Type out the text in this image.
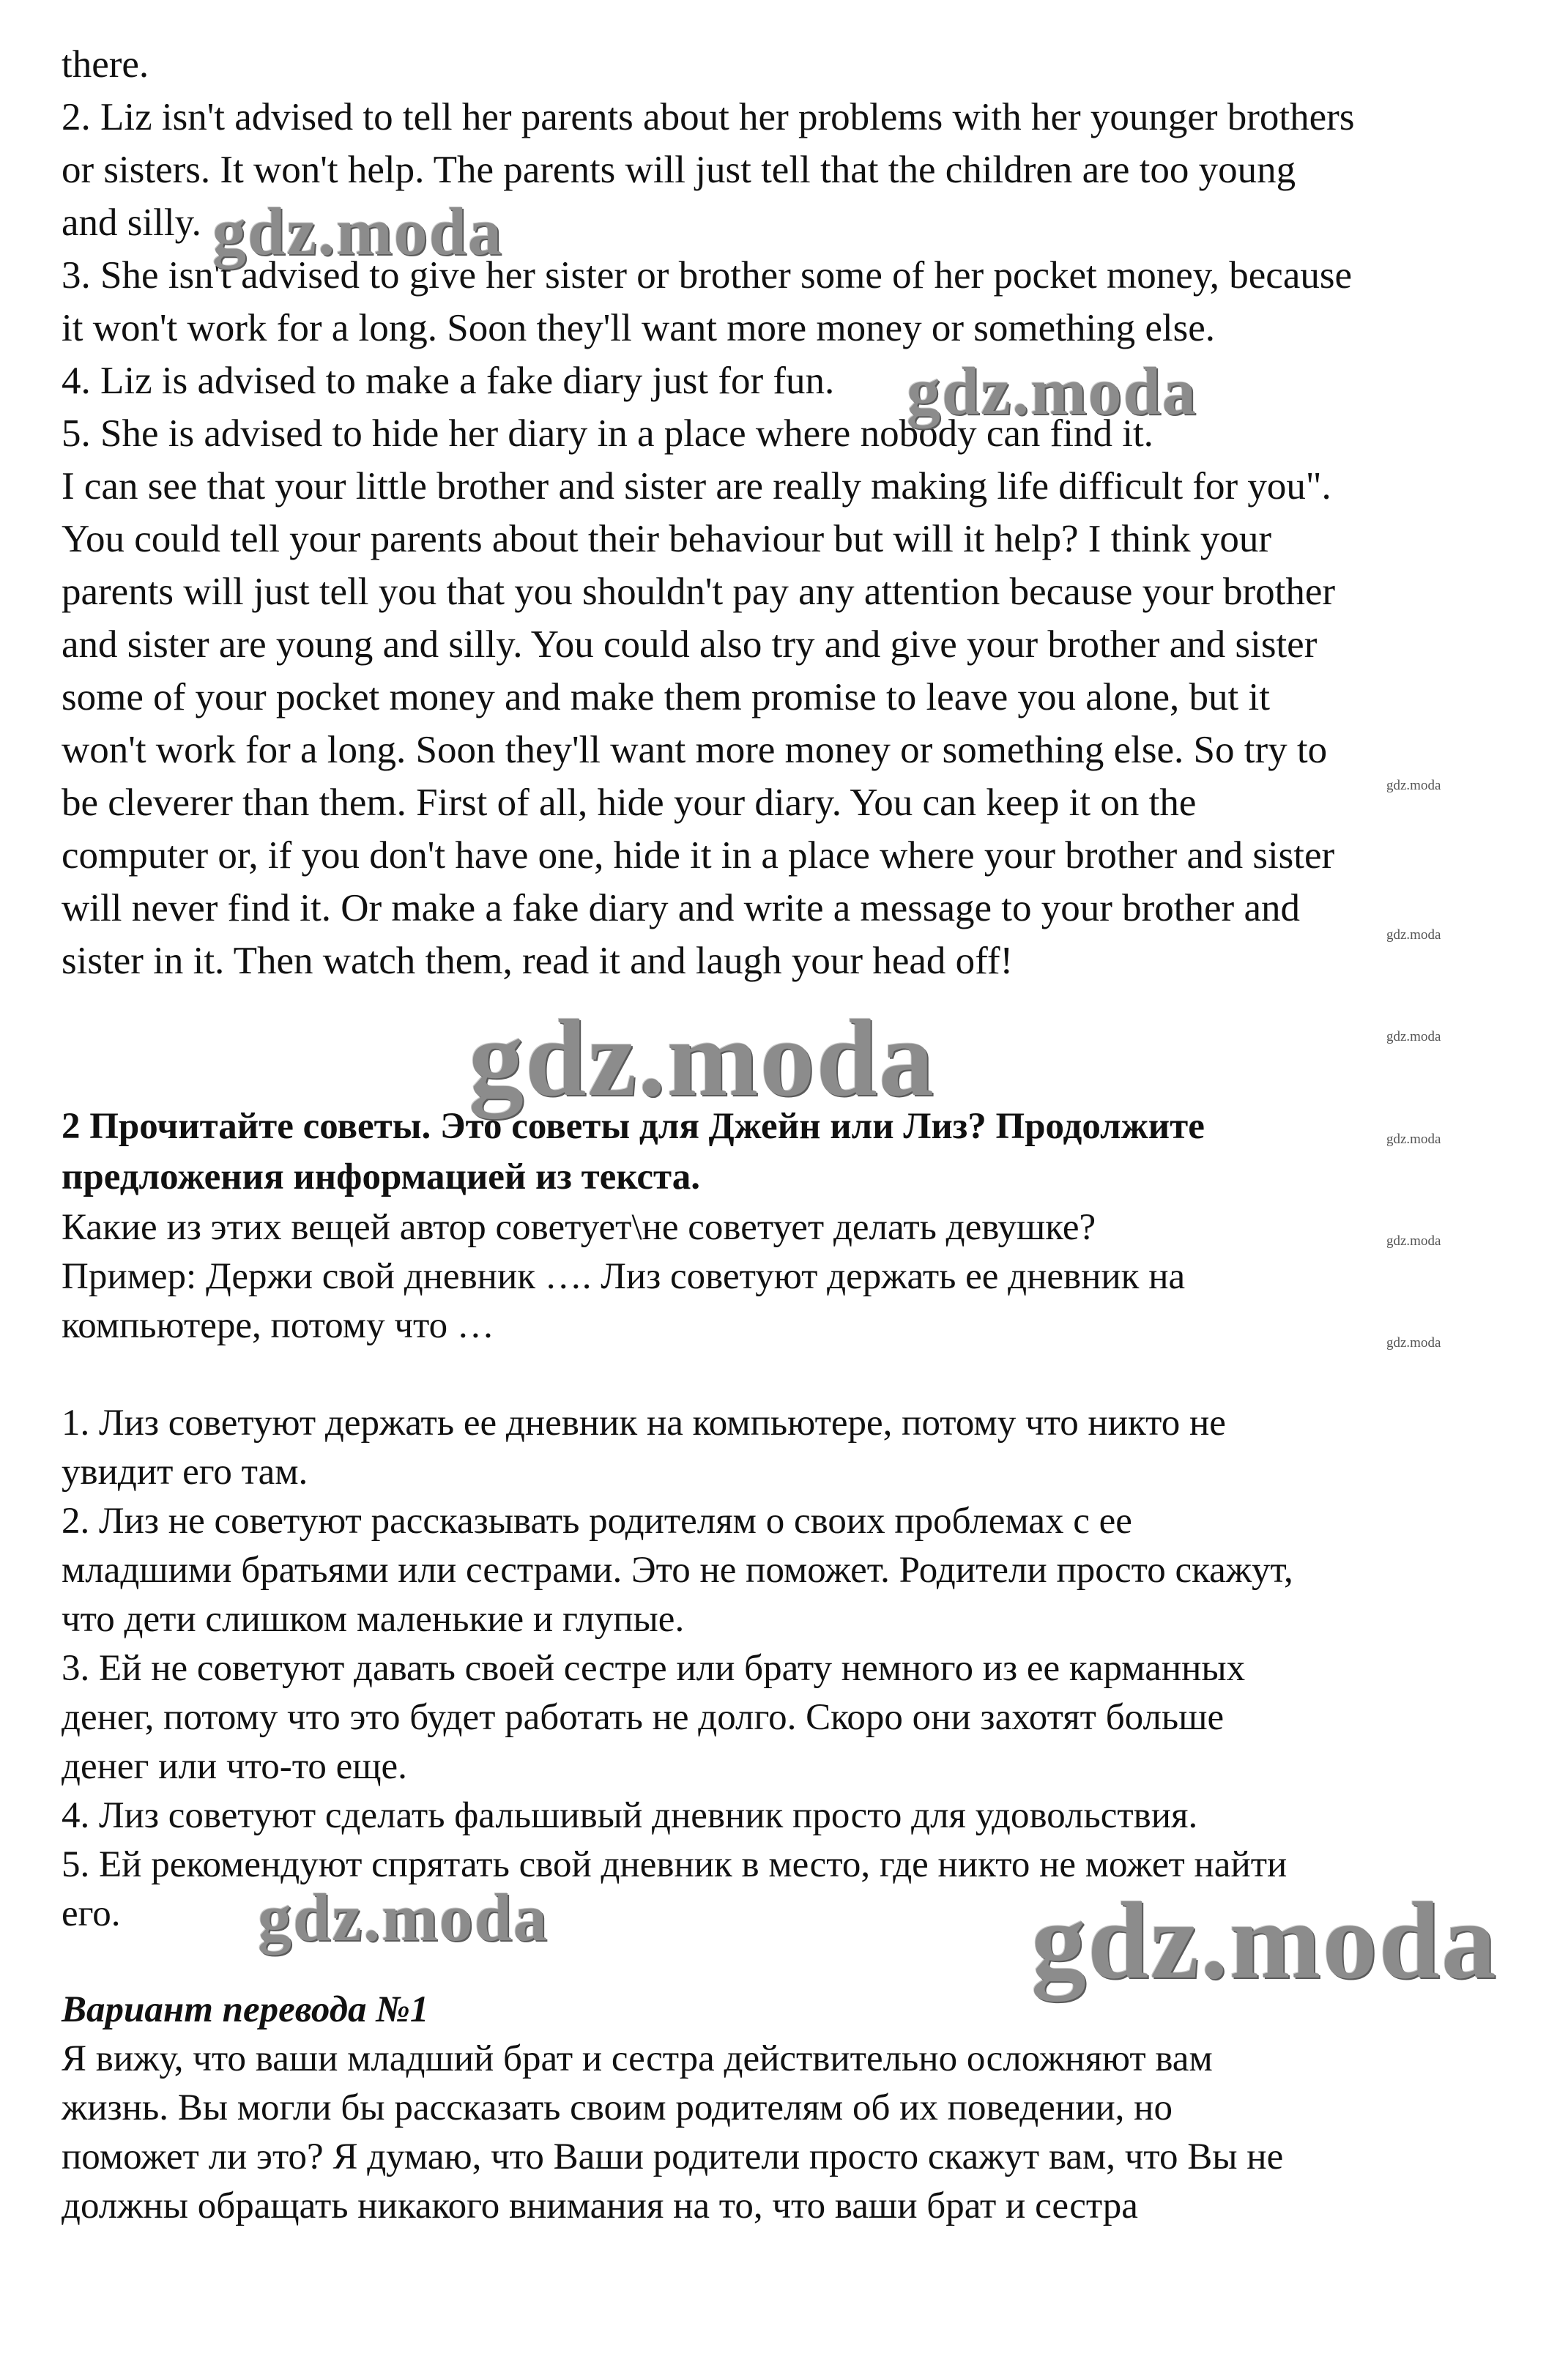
there.
2. Liz isn't advised to tell her parents about her problems with her younger brothers
or sisters. It won't help. The parents will just tell that the children are too young
and silly.
3. She isn't advised to give her sister or brother some of her pocket money, because
it won't work for a long. Soon they'll want more money or something else.
4. Liz is advised to make a fake diary just for fun.
5. She is advised to hide her diary in a place where nobody can find it.
I can see that your little brother and sister are really making life difficult for you".
You could tell your parents about their behaviour but will it help? I think your
parents will just tell you that you shouldn't pay any attention because your brother
and sister are young and silly. You could also try and give your brother and sister
some of your pocket money and make them promise to leave you alone, but it
won't work for a long. Soon they'll want more money or something else. So try to
be cleverer than them. First of all, hide your diary. You can keep it on the
computer or, if you don't have one, hide it in a place where your brother and sister
will never find it. Or make a fake diary and write a message to your brother and
sister in it. Then watch them, read it and laugh your head off!
2 Прочитайте советы. Это советы для Джейн или Лиз? Продолжите
предложения информацией из текста.
Какие из этих вещей автор советует\не советует делать девушке?
Пример: Держи свой дневник …. Лиз советуют держать ее дневник на
компьютере, потому что …
1. Лиз советуют держать ее дневник на компьютере, потому что никто не
увидит его там.
2. Лиз не советуют рассказывать родителям о своих проблемах с ее
младшими братьями или сестрами. Это не поможет. Родители просто скажут,
что дети слишком маленькие и глупые.
3. Ей не советуют давать своей сестре или брату немного из ее карманных
денег, потому что это будет работать не долго. Скоро они захотят больше
денег или что-то еще.
4. Лиз советуют сделать фальшивый дневник просто для удовольствия.
5. Ей рекомендуют спрятать свой дневник в место, где никто не может найти
его.
Вариант перевода №1
Я вижу, что ваши младший брат и сестра действительно осложняют вам
жизнь. Вы могли бы рассказать своим родителям об их поведении, но
поможет ли это? Я думаю, что Ваши родители просто скажут вам, что Вы не
должны обращать никакого внимания на то, что ваши брат и сестра
gdz.moda
gdz.moda
gdz.moda
gdz.moda	gdz.moda
gdz.moda
gdz.moda
gdz.moda
gdz.moda
gdz.moda
gdz.moda
